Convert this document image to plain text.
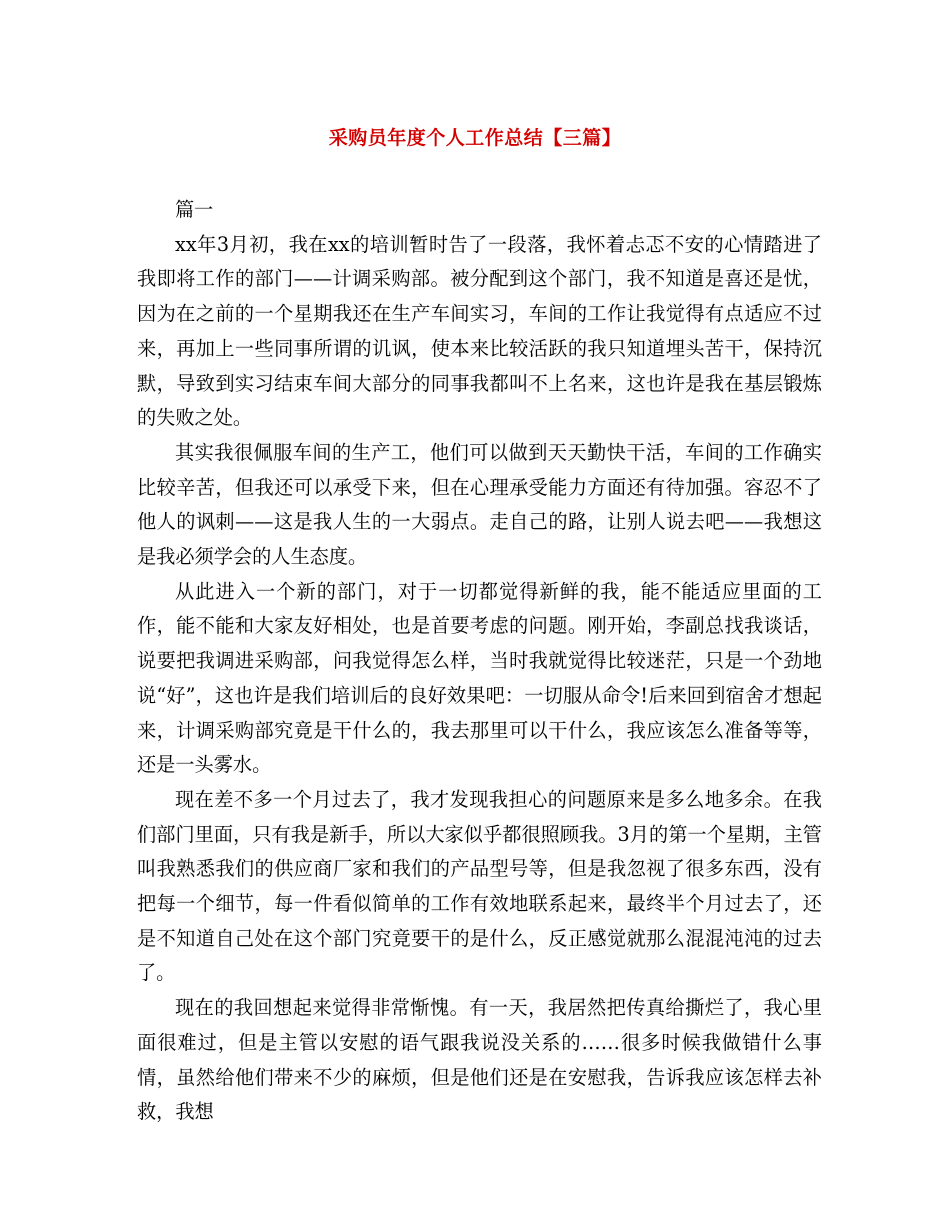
采购员年度个人工作总结【三篇】

篇一

xx年3月初，我在xx的培训暂时告了一段落，我怀着忐忑不安的心情踏进了我即将工作的部门——计调采购部。被分配到这个部门，我不知道是喜还是忧，因为在之前的一个星期我还在生产车间实习，车间的工作让我觉得有点适应不过来，再加上一些同事所谓的讥讽，使本来比较活跃的我只知道埋头苦干，保持沉默，导致到实习结束车间大部分的同事我都叫不上名来，这也许是我在基层锻炼的失败之处。

其实我很佩服车间的生产工，他们可以做到天天勤快干活，车间的工作确实比较辛苦，但我还可以承受下来，但在心理承受能力方面还有待加强。容忍不了他人的讽刺——这是我人生的一大弱点。走自己的路，让别人说去吧——我想这是我必须学会的人生态度。

从此进入一个新的部门，对于一切都觉得新鲜的我，能不能适应里面的工作，能不能和大家友好相处，也是首要考虑的问题。刚开始，李副总找我谈话，说要把我调进采购部，问我觉得怎么样，当时我就觉得比较迷茫，只是一个劲地说“好”，这也许是我们培训后的良好效果吧：一切服从命令!后来回到宿舍才想起来，计调采购部究竟是干什么的，我去那里可以干什么，我应该怎么准备等等，还是一头雾水。

现在差不多一个月过去了，我才发现我担心的问题原来是多么地多余。在我们部门里面，只有我是新手，所以大家似乎都很照顾我。3月的第一个星期，主管叫我熟悉我们的供应商厂家和我们的产品型号等，但是我忽视了很多东西，没有把每一个细节，每一件看似简单的工作有效地联系起来，最终半个月过去了，还是不知道自己处在这个部门究竟要干的是什么，反正感觉就那么混混沌沌的过去了。

现在的我回想起来觉得非常惭愧。有一天，我居然把传真给撕烂了，我心里面很难过，但是主管以安慰的语气跟我说没关系的……很多时候我做错什么事情，虽然给他们带来不少的麻烦，但是他们还是在安慰我，告诉我应该怎样去补救，我想
